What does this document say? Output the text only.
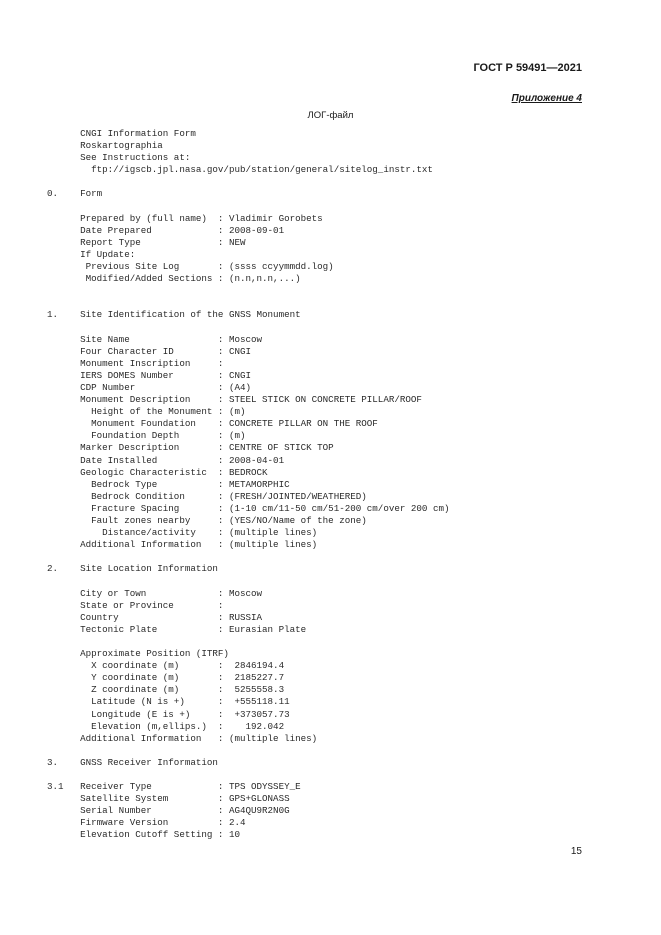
ГОСТ Р 59491—2021
Приложение 4
ЛОГ-файл
CNGI Information Form
Roskartographia
See Instructions at:
ftp://igscb.jpl.nasa.gov/pub/station/general/sitelog_instr.txt
0.    Form
Prepared by (full name)  : Vladimir Gorobets
Date Prepared            : 2008-09-01
Report Type              : NEW
If Update:
Previous Site Log       : (ssss ccyymmdd.log)
Modified/Added Sections : (n.n,n.n,...)
1.    Site Identification of the GNSS Monument
Site Name                : Moscow
Four Character ID        : CNGI
Monument Inscription     :
IERS DOMES Number        : CNGI
CDP Number               : (A4)
Monument Description     : STEEL STICK ON CONCRETE PILLAR/ROOF
Height of the Monument : (m)
Monument Foundation    : CONCRETE PILLAR ON THE ROOF
Foundation Depth       : (m)
Marker Description       : CENTRE OF STICK TOP
Date Installed           : 2008-04-01
Geologic Characteristic  : BEDROCK
Bedrock Type           : METAMORPHIC
Bedrock Condition      : (FRESH/JOINTED/WEATHERED)
Fracture Spacing       : (1-10 cm/11-50 cm/51-200 cm/over 200 cm)
Fault zones nearby     : (YES/NO/Name of the zone)
Distance/activity    : (multiple lines)
Additional Information   : (multiple lines)
2.    Site Location Information
City or Town             : Moscow
State or Province        :
Country                  : RUSSIA
Tectonic Plate           : Eurasian Plate
Approximate Position (ITRF)
X coordinate (m)       :  2846194.4
Y coordinate (m)       :  2185227.7
Z coordinate (m)       :  5255558.3
Latitude (N is +)      :  +555118.11
Longitude (E is +)     :  +373057.73
Elevation (m,ellips.)  :    192.042
Additional Information   : (multiple lines)
3.    GNSS Receiver Information
3.1   Receiver Type            : TPS ODYSSEY_E
Satellite System         : GPS+GLONASS
Serial Number            : AG4QU9R2N0G
Firmware Version         : 2.4
Elevation Cutoff Setting : 10
15
